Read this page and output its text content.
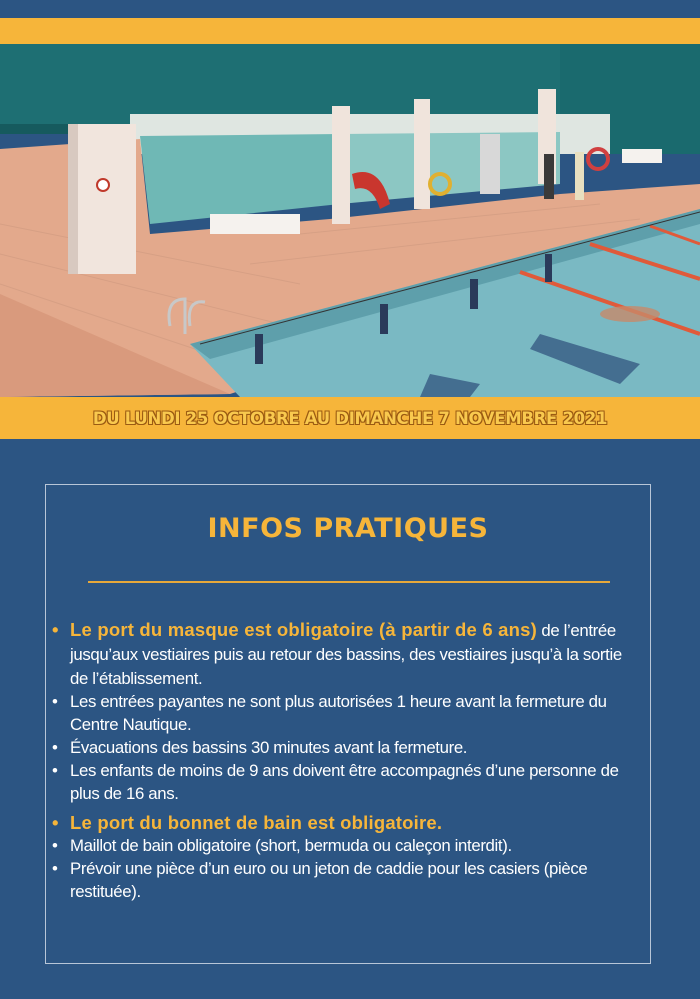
DU LUNDI 25 OCTOBRE AU DIMANCHE 7 NOVEMBRE 2021
INFOS PRATIQUES
• Le port du masque est obligatoire (à partir de 6 ans) de l’entrée jusqu’aux vestiaires puis au retour des bassins, des vestiaires jusqu’à la sortie de l’établissement.
• Les entrées payantes ne sont plus autorisées 1 heure avant la fermeture du Centre Nautique.
• Évacuations des bassins 30 minutes avant la fermeture.
• Les enfants de moins de 9 ans doivent être accompagnés d’une personne de plus de 16 ans.
• Le port du bonnet de bain est obligatoire.
• Maillot de bain obligatoire (short, bermuda ou caleçon interdit).
• Prévoir une pièce d’un euro ou un jeton de caddie pour les casiers (pièce restituée).
